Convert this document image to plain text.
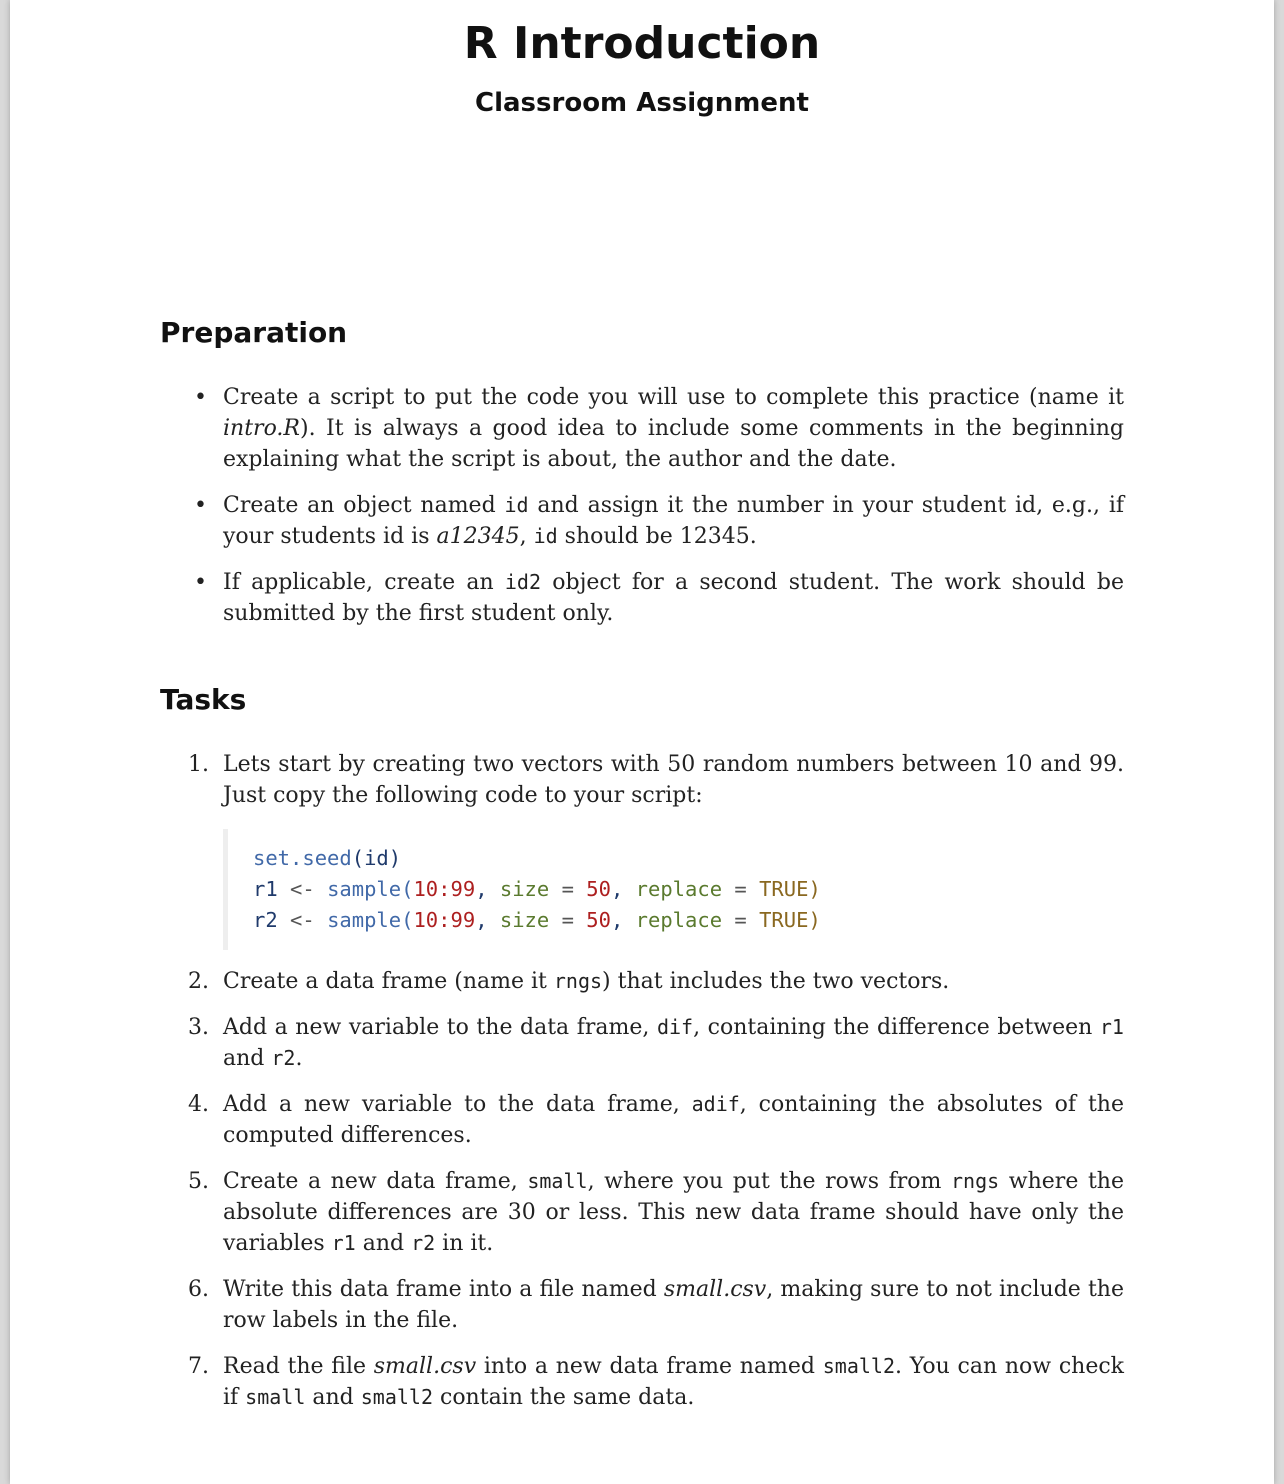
R Introduction
Classroom Assignment
Preparation
• Create a script to put the code you will use to complete this practice (name it intro.R). It is always a good idea to include some comments in the beginning explaining what the script is about, the author and the date.
• Create an object named id and assign it the number in your student id, e.g., if your students id is a12345, id should be 12345.
• If applicable, create an id2 object for a second student. The work should be submitted by the first student only.
Tasks
1. Lets start by creating two vectors with 50 random numbers between 10 and 99. Just copy the following code to your script:
set.seed(id)
r1 <- sample(10:99, size = 50, replace = TRUE)
r2 <- sample(10:99, size = 50, replace = TRUE)
2. Create a data frame (name it rngs) that includes the two vectors.
3. Add a new variable to the data frame, dif, containing the difference between r1 and r2.
4. Add a new variable to the data frame, adif, containing the absolutes of the computed differences.
5. Create a new data frame, small, where you put the rows from rngs where the absolute differences are 30 or less. This new data frame should have only the variables r1 and r2 in it.
6. Write this data frame into a file named small.csv, making sure to not include the row labels in the file.
7. Read the file small.csv into a new data frame named small2. You can now check if small and small2 contain the same data.
